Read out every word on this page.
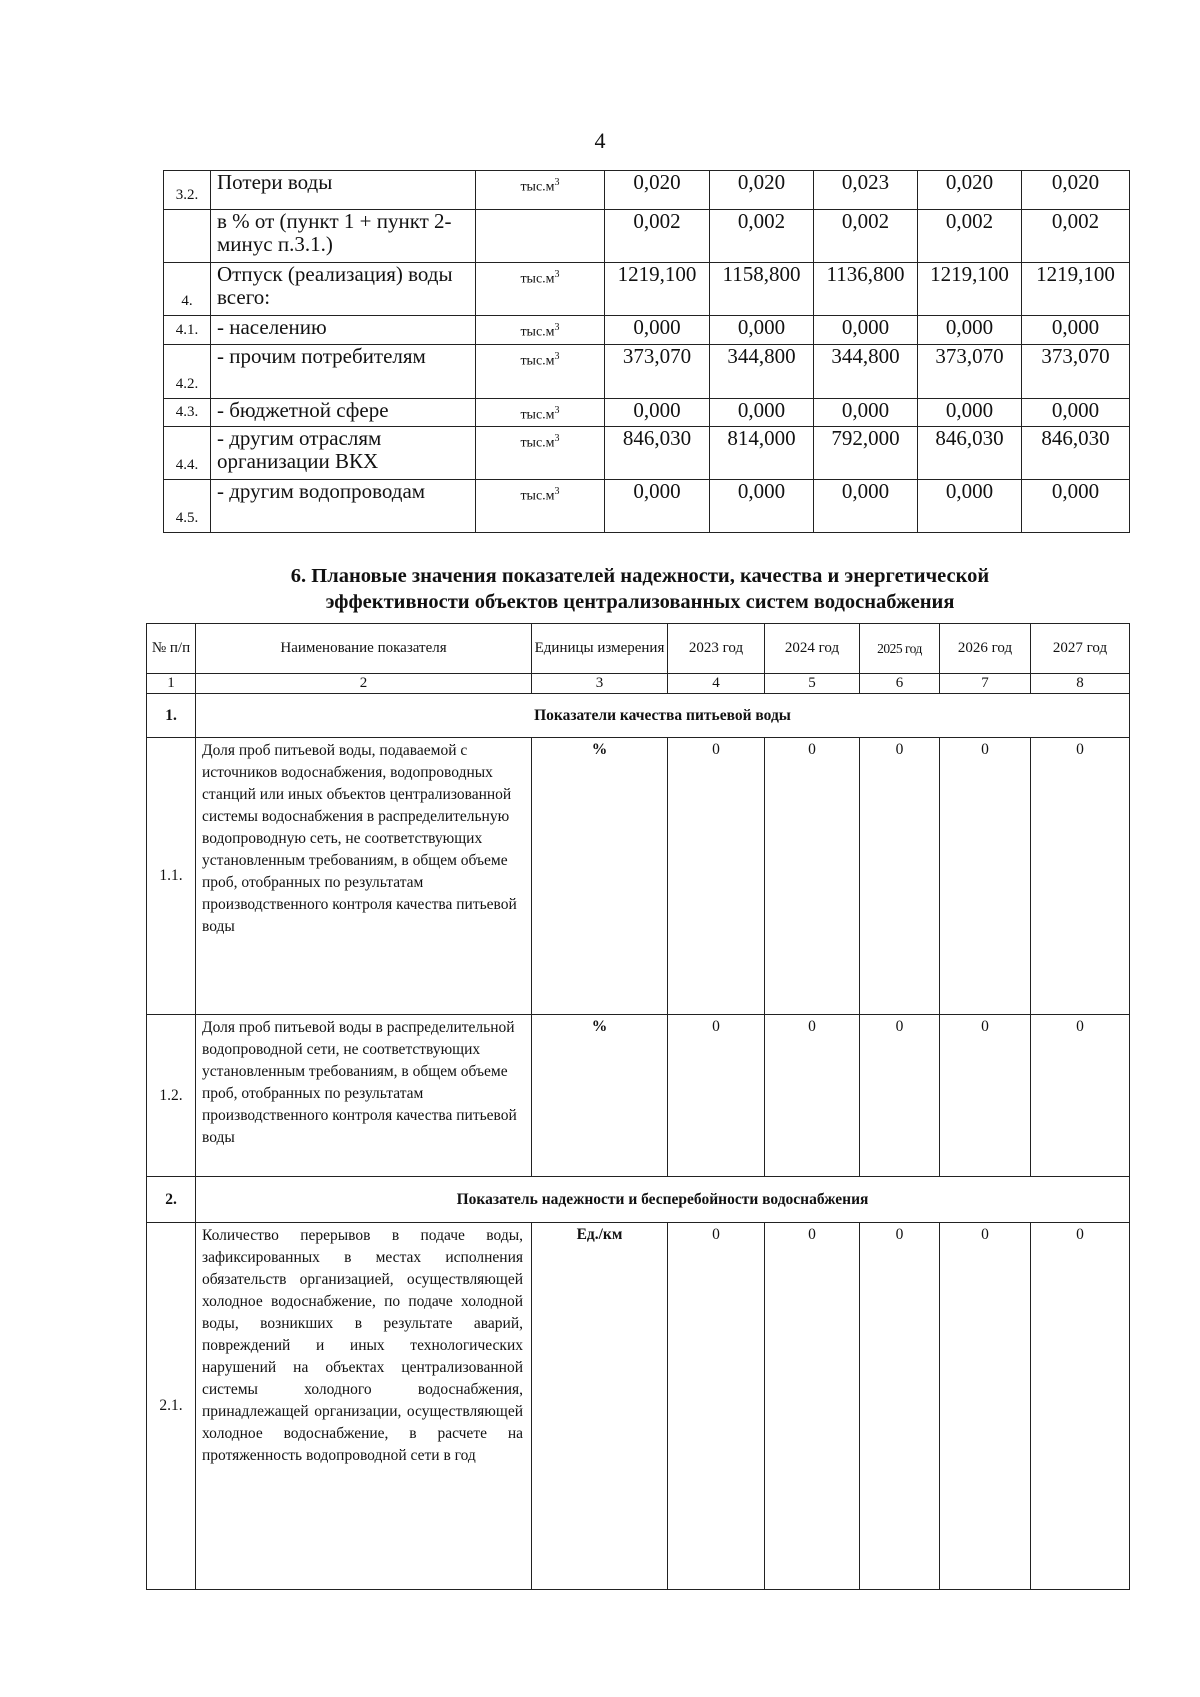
4
3.2.	Потери воды	$тыс.м^3$	0,020	0,020	0,023	0,020	0,020
	в % от (пункт 1 + пункт 2-минус п.3.1.)		0,002	0,002	0,002	0,002	0,002
4.	Отпуск (реализация) воды всего:	$тыс.м^3$	1219,100	1158,800	1136,800	1219,100	1219,100
4.1.	- населению	$тыс.м^3$	0,000	0,000	0,000	0,000	0,000
4.2.	- прочим потребителям	$тыс.м^3$	373,070	344,800	344,800	373,070	373,070
4.3.	- бюджетной сфере	$тыс.м^3$	0,000	0,000	0,000	0,000	0,000
4.4.	- другим отраслям организации ВКХ	$тыс.м^3$	846,030	814,000	792,000	846,030	846,030
4.5.	- другим водопроводам	$тыс.м^3$	0,000	0,000	0,000	0,000	0,000
6. Плановые значения показателей надежности, качества и энергетической
эффективности объектов централизованных систем водоснабжения
№ п/п	Наименование показателя	Единицы измерения	2023 год	2024 год	2025 год	2026 год	2027 год
1	2	3	4	5	6	7	8
1.	Показатели качества питьевой воды						
1.1.	Доля проб питьевой воды, подаваемой с источников водоснабжения, водопроводных станций или иных объектов централизованной системы водоснабжения в распределительную водопроводную сеть, не соответствующих установленным требованиям, в общем объеме проб, отобранных по результатам производственного контроля качества питьевой воды	%	0	0	0	0	0
1.2.	Доля проб питьевой воды в распределительной водопроводной сети, не соответствующих установленным требованиям, в общем объеме проб, отобранных по результатам производственного контроля качества питьевой воды	%	0	0	0	0	0
2.	Показатель надежности и бесперебойности водоснабжения						
2.1.	Количество перерывов в подаче воды, зафиксированных в местах исполнения обязательств организацией, осуществляющей холодное водоснабжение, по подаче холодной воды, возникших в результате аварий, повреждений и иных технологических нарушений на объектах централизованной системы холодного водоснабжения, принадлежащей организации, осуществляющей холодное водоснабжение, в расчете на протяженность водопроводной сети в год	Ед./км	0	0	0	0	0
